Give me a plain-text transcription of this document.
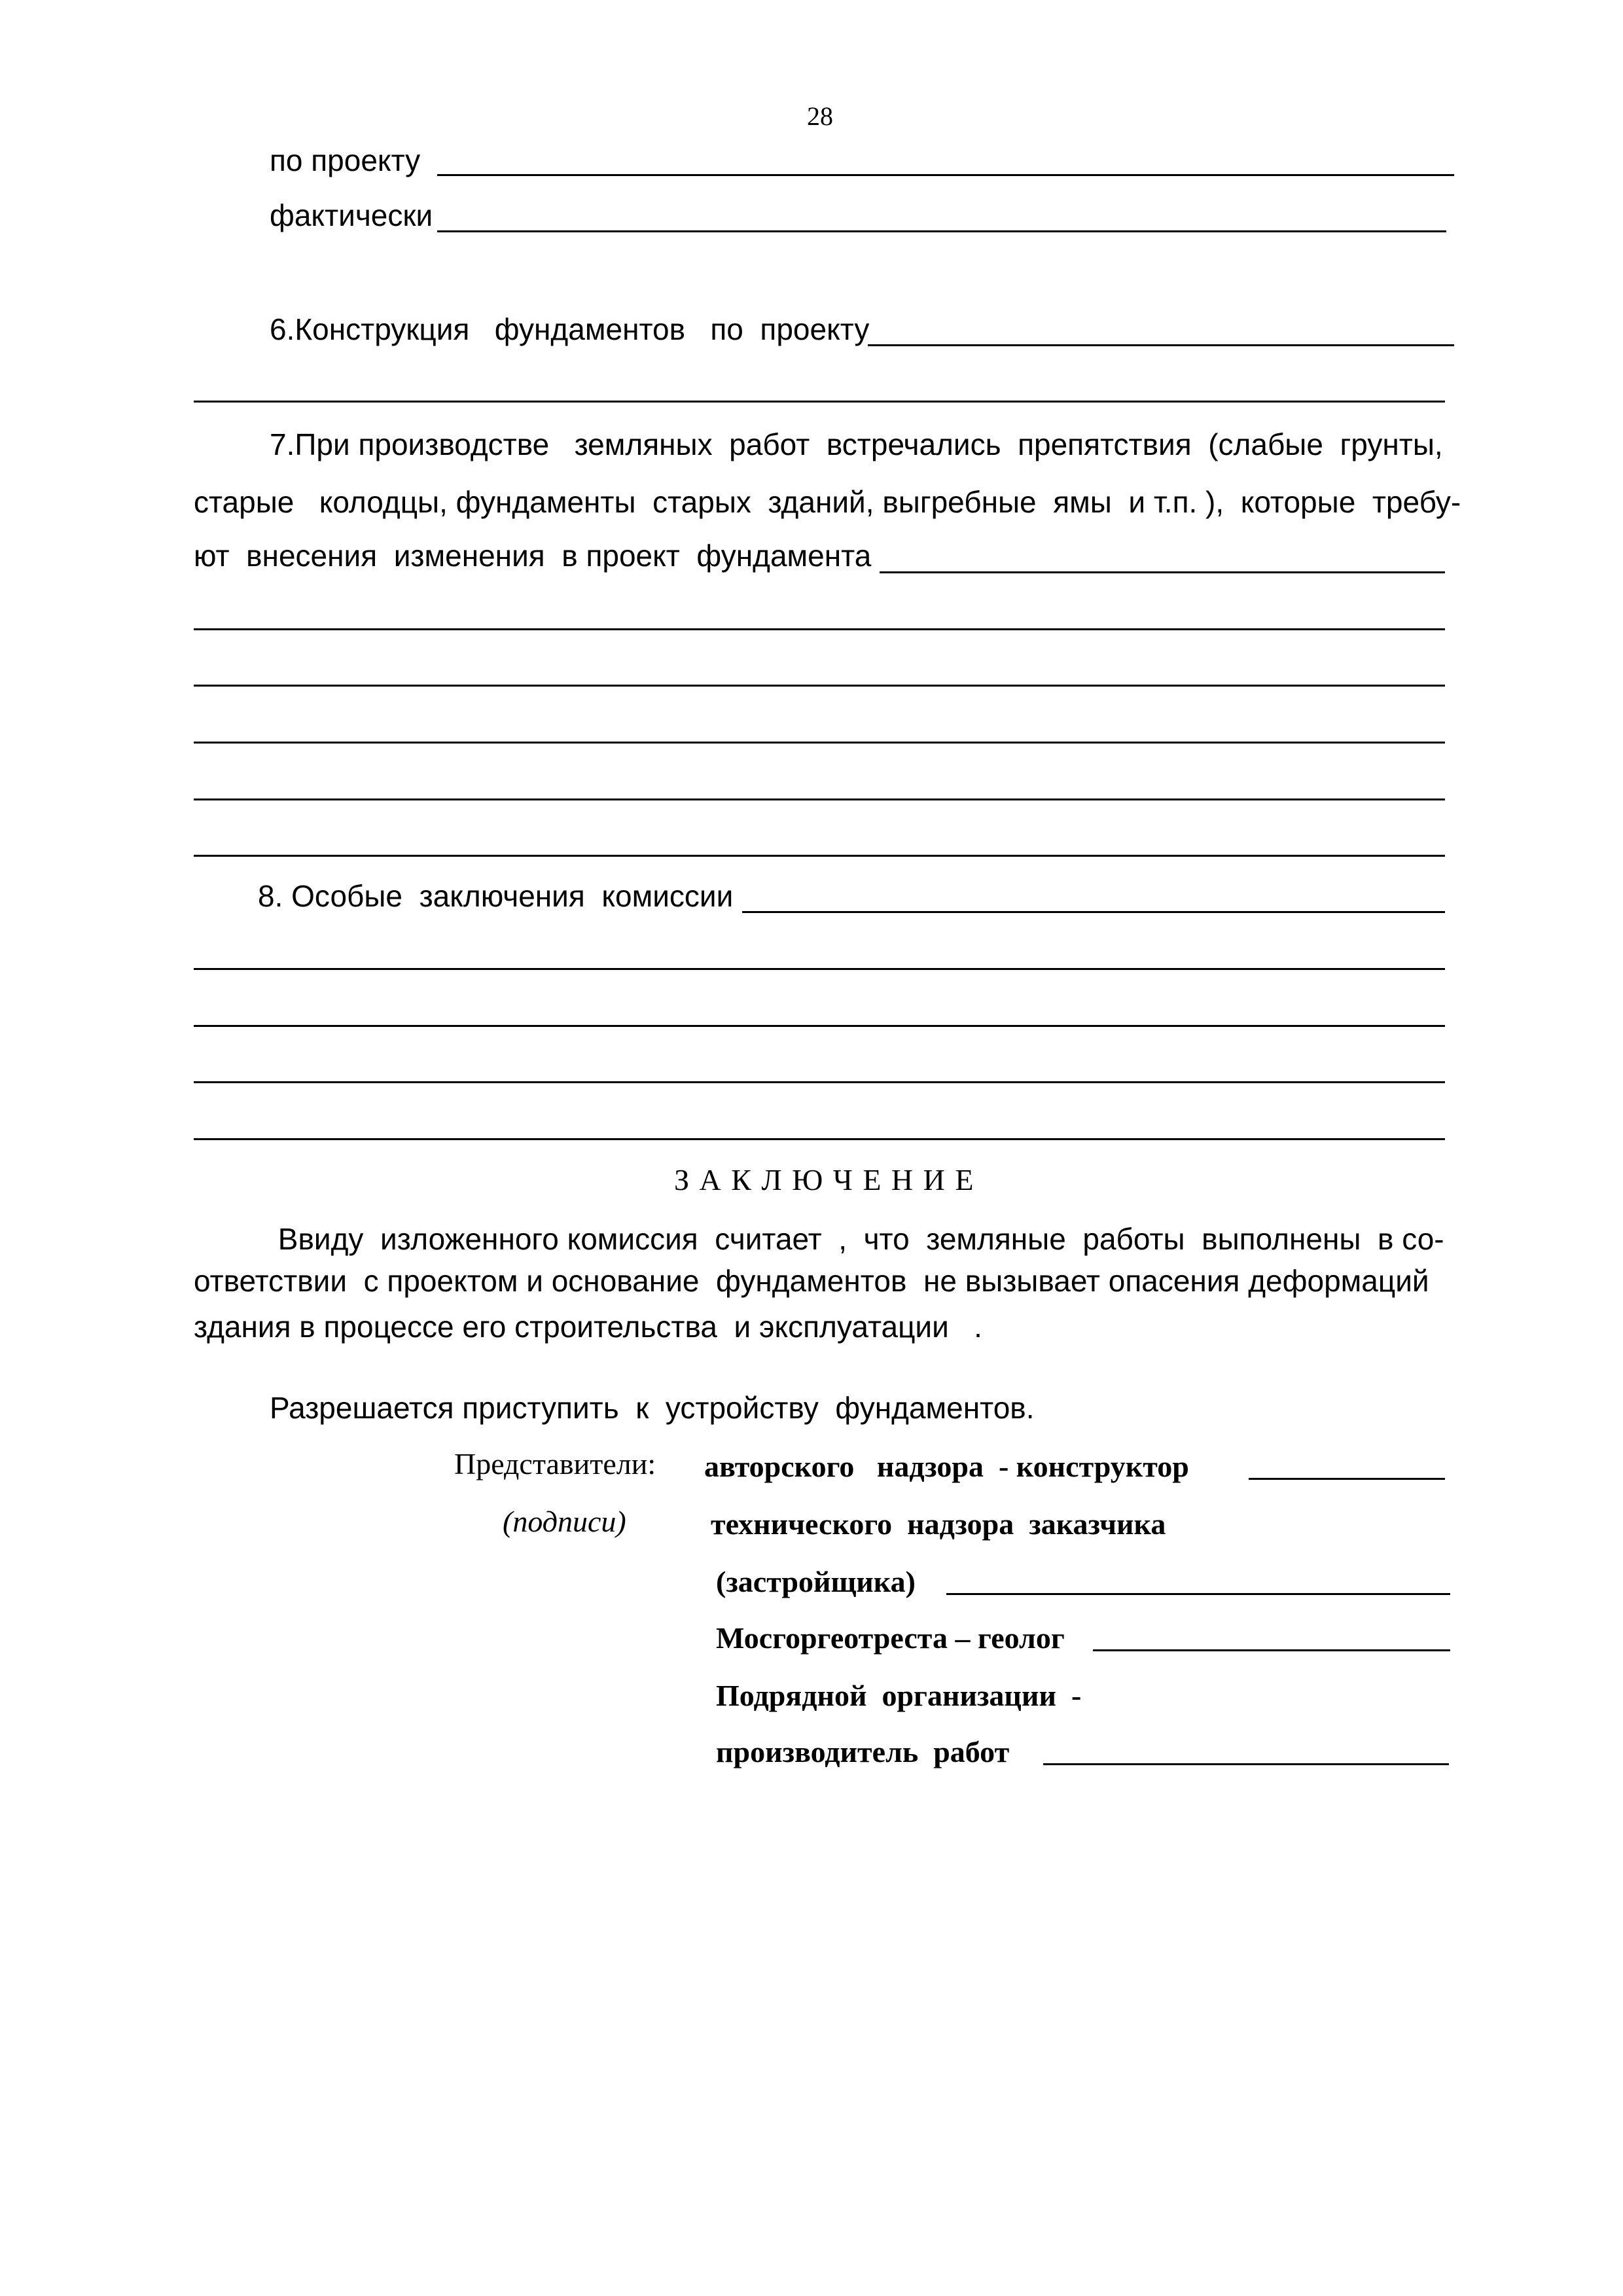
28
по проекту
фактически
6.Конструкция   фундаментов   по  проекту
7.При производстве   земляных  работ  встречались  препятствия  (слабые  грунты,
старые   колодцы, фундаменты  старых  зданий, выгребные  ямы  и т.п. ),  которые  требу-
ют  внесения  изменения  в проект  фундамента
8. Особые  заключения  комиссии
З А К Л Ю Ч Е Н И Е
Ввиду  изложенного комиссия  считает  ,  что  земляные  работы  выполнены  в со-
ответствии  с проектом и основание  фундаментов  не вызывает опасения деформаций
здания в процессе его строительства  и эксплуатации   .
Разрешается приступить  к  устройству  фундаментов.
Представители: авторского   надзора  - конструктор
(подписи)	технического  надзора  заказчика
(застройщика)
Мосгоргеотреста – геолог
Подрядной  организации  -
производитель  работ
